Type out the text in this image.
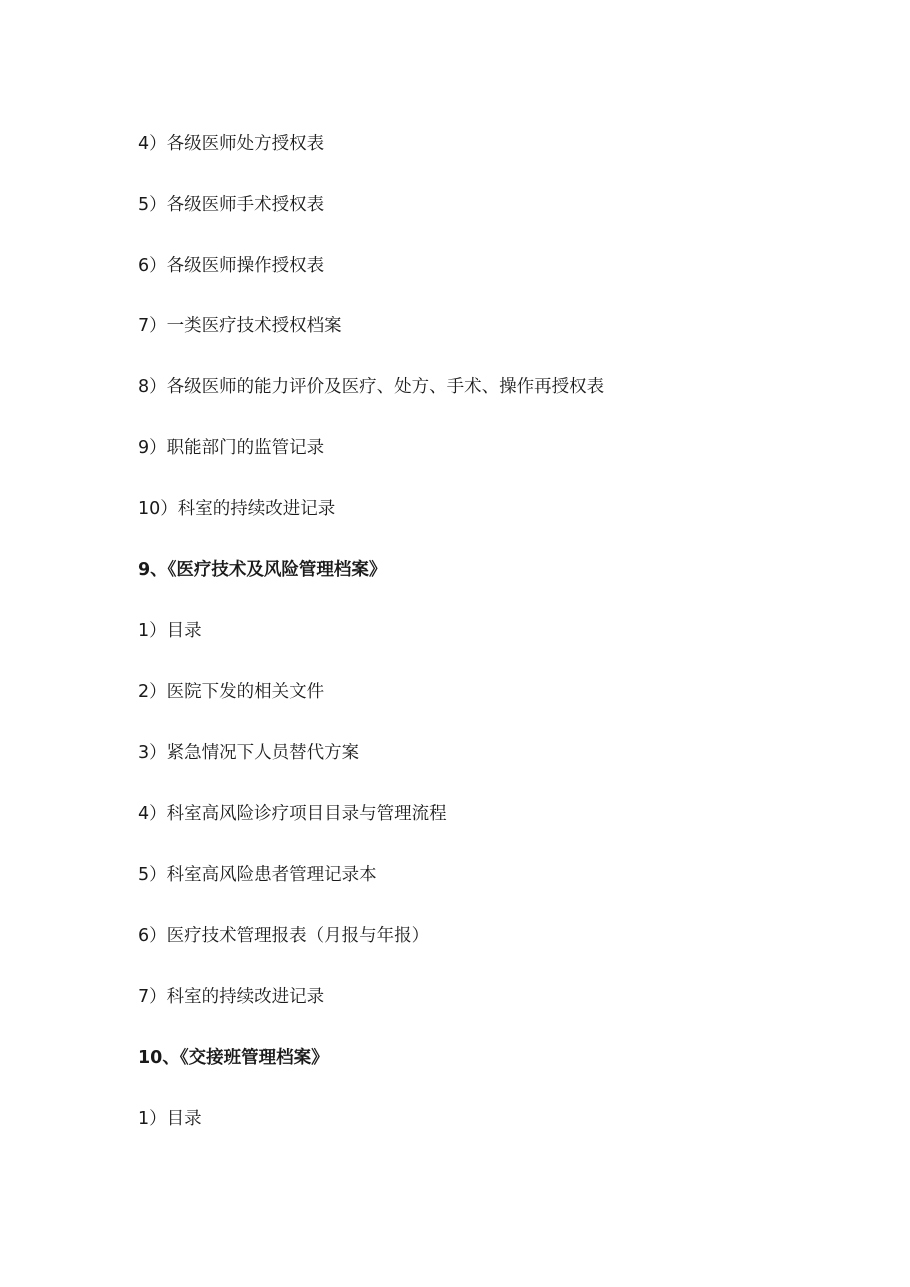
4）各级医师处方授权表
5）各级医师手术授权表
6）各级医师操作授权表
7）一类医疗技术授权档案
8）各级医师的能力评价及医疗、处方、手术、操作再授权表
9）职能部门的监管记录
10）科室的持续改进记录
9、《医疗技术及风险管理档案》
1）目录
2）医院下发的相关文件
3）紧急情况下人员替代方案
4）科室高风险诊疗项目目录与管理流程
5）科室高风险患者管理记录本
6）医疗技术管理报表（月报与年报）
7）科室的持续改进记录
10、《交接班管理档案》
1）目录
